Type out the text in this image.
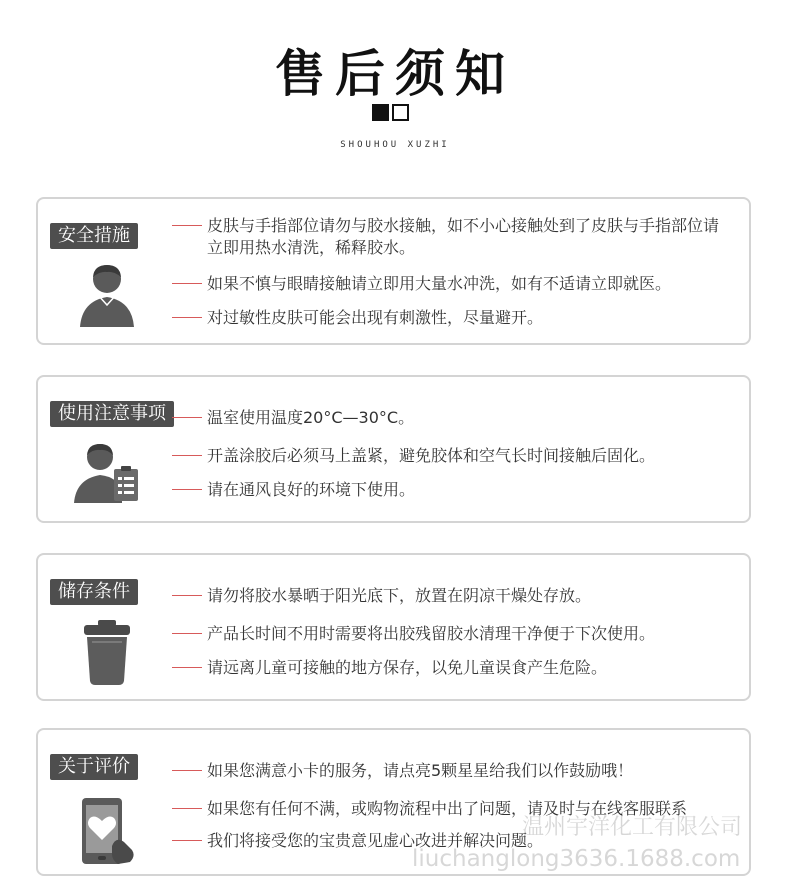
售后须知
SHOUHOU XUZHI
安全措施	皮肤与手指部位请勿与胶水接触，如不小心接触处到了皮肤与手指部位请立即用热水清洗，稀释胶水。
如果不慎与眼睛接触请立即用大量水冲洗，如有不适请立即就医。
对过敏性皮肤可能会出现有刺激性，尽量避开。
使用注意事项	温室使用温度20°C—30°C。
开盖涂胶后必须马上盖紧，避免胶体和空气长时间接触后固化。
请在通风良好的环境下使用。
储存条件	请勿将胶水暴晒于阳光底下，放置在阴凉干燥处存放。
产品长时间不用时需要将出胶残留胶水清理干净便于下次使用。
请远离儿童可接触的地方保存，以免儿童误食产生危险。
关于评价	如果您满意小卡的服务，请点亮5颗星星给我们以作鼓励哦！
如果您有任何不满，或购物流程中出了问题，请及时与在线客服联系
我们将接受您的宝贵意见虚心改进并解决问题。
温州宇洋化工有限公司
liuchanglong3636.1688.com
